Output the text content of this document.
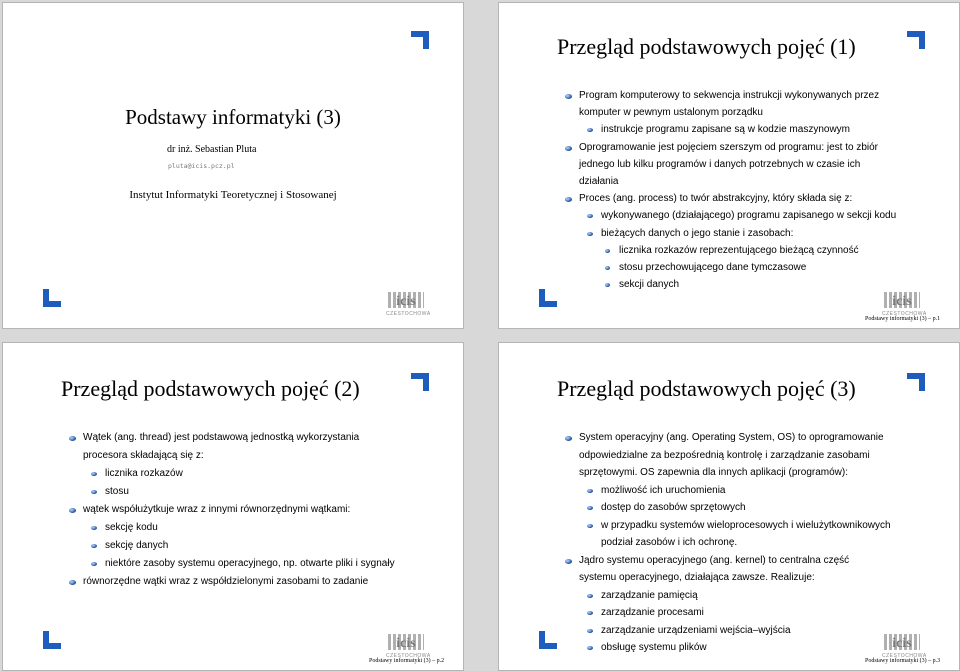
Podstawy informatyki (3)
dr inż. Sebastian Pluta
pluta@icis.pcz.pl
Instytut Informatyki Teoretycznej i Stosowanej
icis
CZESTOCHOWA
Przegląd podstawowych pojęć (1)
Program komputerowy to sekwencja instrukcji wykonywanych przez
komputer w pewnym ustalonym porządku
instrukcje programu zapisane są w kodzie maszynowym
Oprogramowanie jest pojęciem szerszym od programu: jest to zbiór
jednego lub kilku programów i danych potrzebnych w czasie ich
działania
Proces (ang. process) to twór abstrakcyjny, który składa się z:
wykonywanego (działającego) programu zapisanego w sekcji kodu
bieżących danych o jego stanie i zasobach:
licznika rozkazów reprezentującego bieżącą czynność
stosu przechowującego dane tymczasowe
sekcji danych
icis
CZESTOCHOWA
Podstawy informatyki (3) – p.1
Przegląd podstawowych pojęć (2)
Wątek (ang. thread) jest podstawową jednostką wykorzystania
procesora składającą się z:
licznika rozkazów
stosu
wątek współużytkuje wraz z innymi równorzędnymi wątkami:
sekcję kodu
sekcję danych
niektóre zasoby systemu operacyjnego, np. otwarte pliki i sygnały
równorzędne wątki wraz z współdzielonymi zasobami to zadanie
icis
CZESTOCHOWA
Podstawy informatyki (3) – p.2
Przegląd podstawowych pojęć (3)
System operacyjny (ang. Operating System, OS) to oprogramowanie
odpowiedzialne za bezpośrednią kontrolę i zarządzanie zasobami
sprzętowymi. OS zapewnia dla innych aplikacji (programów):
możliwość ich uruchomienia
dostęp do zasobów sprzętowych
w przypadku systemów wieloprocesowych i wielużytkownikowych
podział zasobów i ich ochronę.
Jądro systemu operacyjnego (ang. kernel) to centralna część
systemu operacyjnego, działająca zawsze. Realizuje:
zarządzanie pamięcią
zarządzanie procesami
zarządzanie urządzeniami wejścia–wyjścia
obsługę systemu plików	icis
CZESTOCHOWA
Podstawy informatyki (3) – p.3
